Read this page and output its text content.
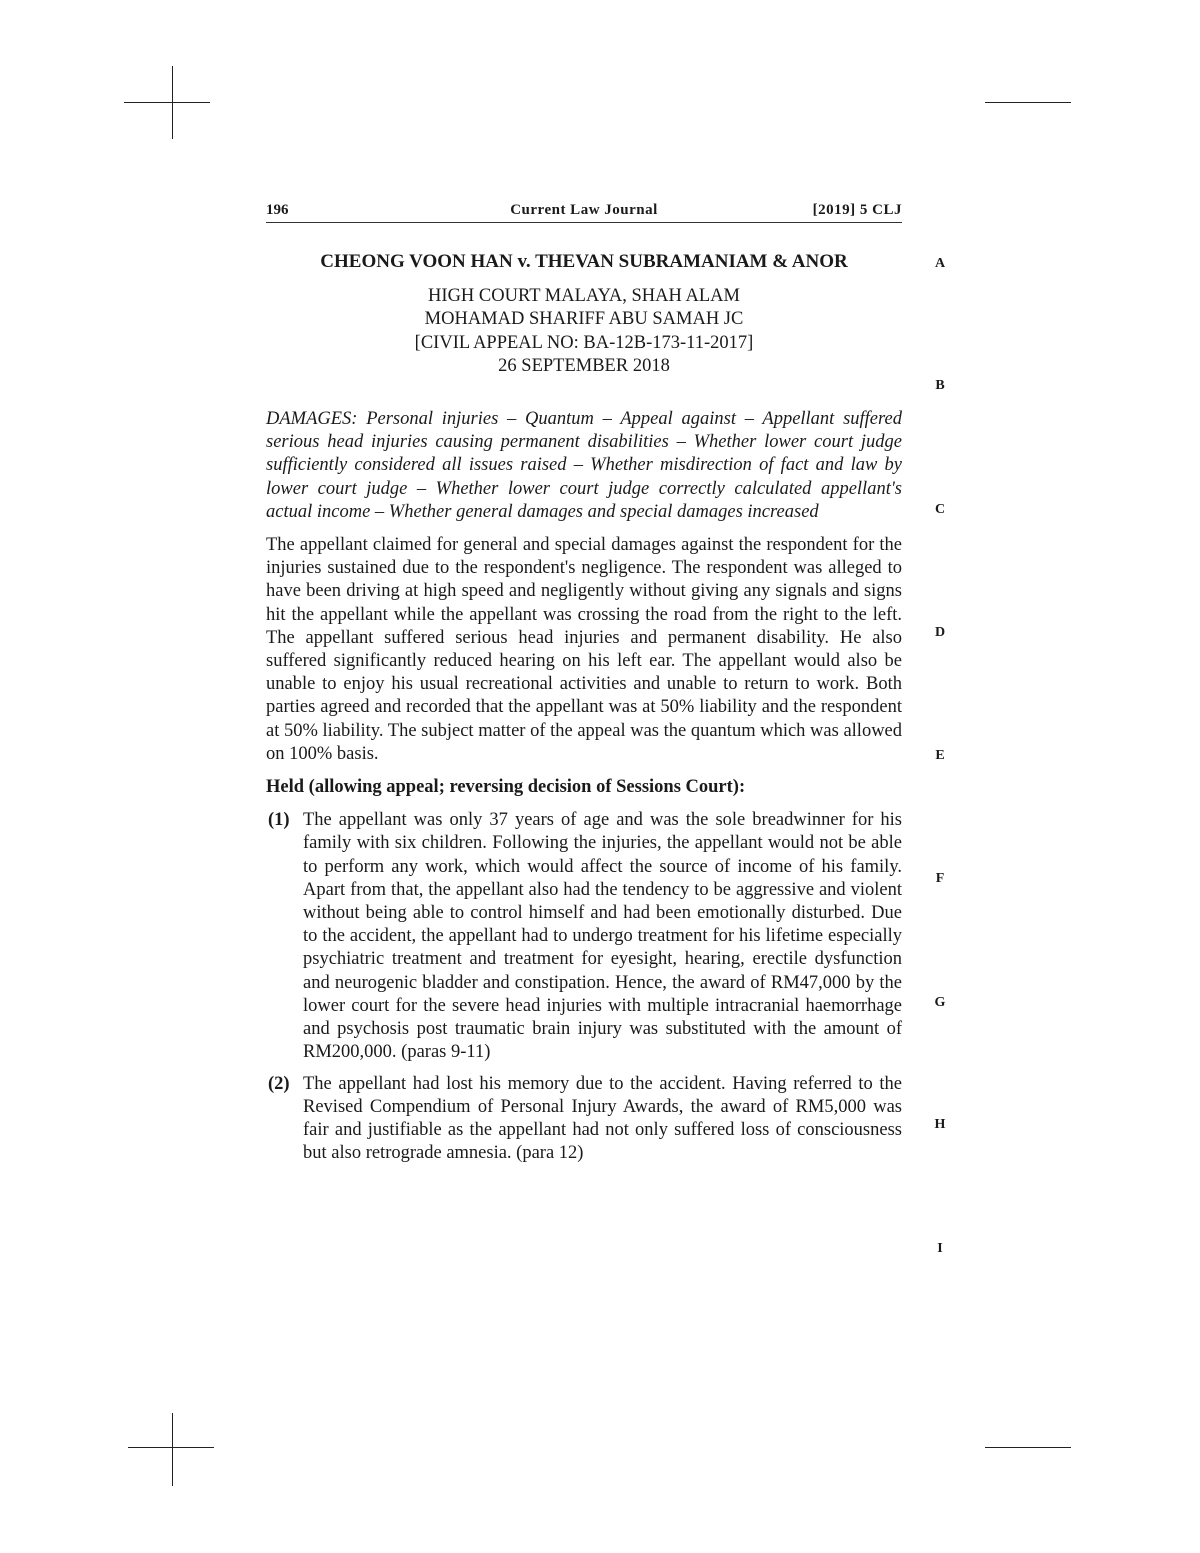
196	Current Law Journal	[2019] 5 CLJ
CHEONG VOON HAN v. THEVAN SUBRAMANIAM & ANOR
HIGH COURT MALAYA, SHAH ALAM
MOHAMAD SHARIFF ABU SAMAH JC
[CIVIL APPEAL NO: BA-12B-173-11-2017]
26 SEPTEMBER 2018

DAMAGES: Personal injuries – Quantum – Appeal against – Appellant suffered serious head injuries causing permanent disabilities – Whether lower court judge sufficiently considered all issues raised – Whether misdirection of fact and law by lower court judge – Whether lower court judge correctly calculated appellant's actual income – Whether general damages and special damages increased

The appellant claimed for general and special damages against the respondent for the injuries sustained due to the respondent's negligence. The respondent was alleged to have been driving at high speed and negligently without giving any signals and signs hit the appellant while the appellant was crossing the road from the right to the left. The appellant suffered serious head injuries and permanent disability. He also suffered significantly reduced hearing on his left ear. The appellant would also be unable to enjoy his usual recreational activities and unable to return to work. Both parties agreed and recorded that the appellant was at 50% liability and the respondent at 50% liability. The subject matter of the appeal was the quantum which was allowed on 100% basis.

Held (allowing appeal; reversing decision of Sessions Court):

(1) The appellant was only 37 years of age and was the sole breadwinner for his family with six children. Following the injuries, the appellant would not be able to perform any work, which would affect the source of income of his family. Apart from that, the appellant also had the tendency to be aggressive and violent without being able to control himself and had been emotionally disturbed. Due to the accident, the appellant had to undergo treatment for his lifetime especially psychiatric treatment and treatment for eyesight, hearing, erectile dysfunction and neurogenic bladder and constipation. Hence, the award of RM47,000 by the lower court for the severe head injuries with multiple intracranial haemorrhage and psychosis post traumatic brain injury was substituted with the amount of RM200,000. (paras 9-11)
(2) The appellant had lost his memory due to the accident. Having referred to the Revised Compendium of Personal Injury Awards, the award of RM5,000 was fair and justifiable as the appellant had not only suffered loss of consciousness but also retrograde amnesia. (para 12)
A
B
C
D
E
F
G
H
I
